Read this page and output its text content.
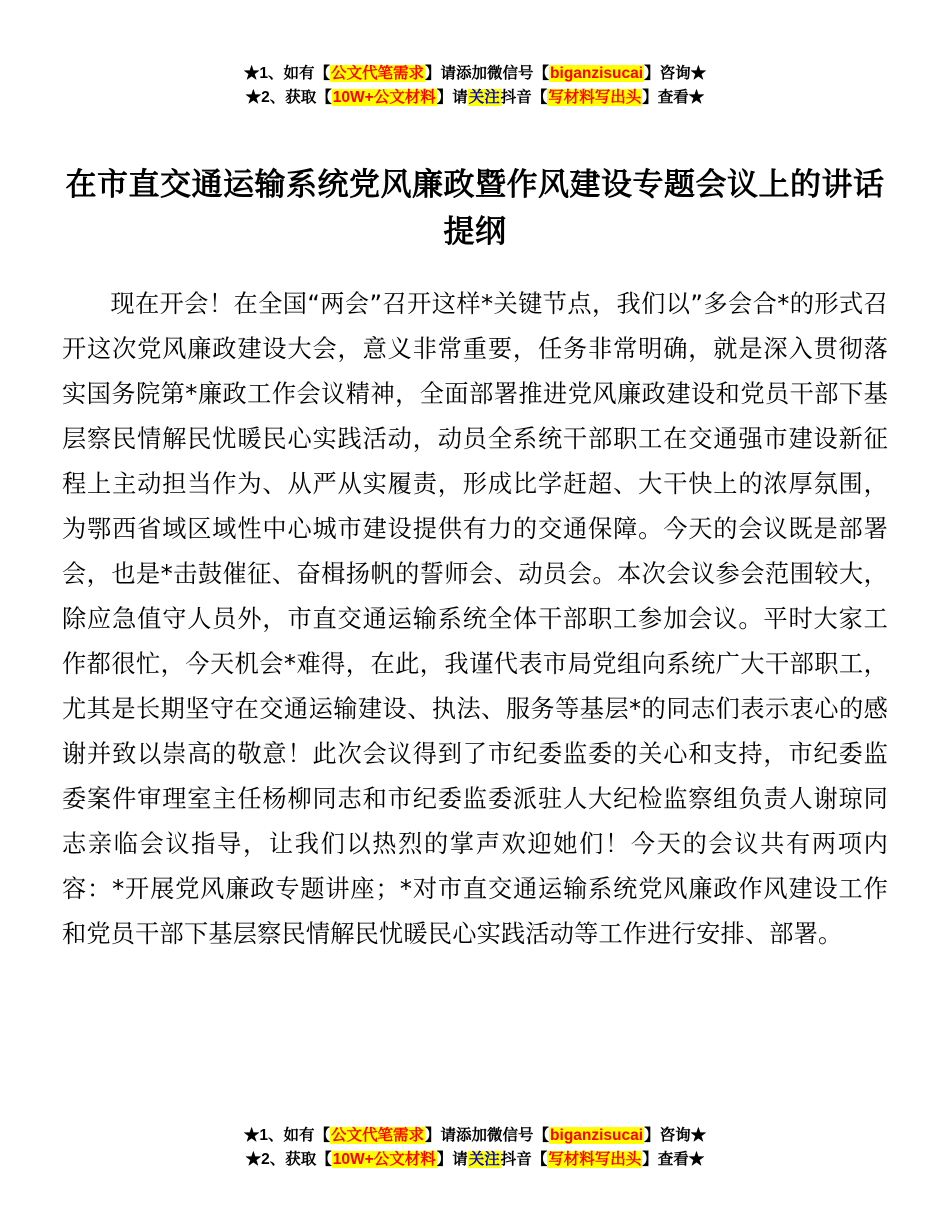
★1、如有【公文代笔需求】请添加微信号【biganzisucai】咨询★
★2、获取【10W+公文材料】请关注抖音【写材料写出头】查看★
在市直交通运输系统党风廉政暨作风建设专题会议上的讲话提纲

现在开会！在全国“两会”召开这样*关键节点，我们以”多会合*的形式召开这次党风廉政建设大会，意义非常重要，任务非常明确，就是深入贯彻落实国务院第*廉政工作会议精神，全面部署推进党风廉政建设和党员干部下基层察民情解民忧暖民心实践活动，动员全系统干部职工在交通强市建设新征程上主动担当作为、从严从实履责，形成比学赶超、大干快上的浓厚氛围，为鄂西省域区域性中心城市建设提供有力的交通保障。今天的会议既是部署会，也是*击鼓催征、奋楫扬帆的誓师会、动员会。本次会议参会范围较大，除应急值守人员外，市直交通运输系统全体干部职工参加会议。平时大家工作都很忙，今天机会*难得，在此，我谨代表市局党组向系统广大干部职工，尤其是长期坚守在交通运输建设、执法、服务等基层*的同志们表示衷心的感谢并致以崇高的敬意！此次会议得到了市纪委监委的关心和支持，市纪委监委案件审理室主任杨柳同志和市纪委监委派驻人大纪检监察组负责人谢琼同志亲临会议指导，让我们以热烈的掌声欢迎她们！今天的会议共有两项内容：*开展党风廉政专题讲座；*对市直交通运输系统党风廉政作风建设工作和党员干部下基层察民情解民忧暖民心实践活动等工作进行安排、部署。

★1、如有【公文代笔需求】请添加微信号【biganzisucai】咨询★
★2、获取【10W+公文材料】请关注抖音【写材料写出头】查看★
